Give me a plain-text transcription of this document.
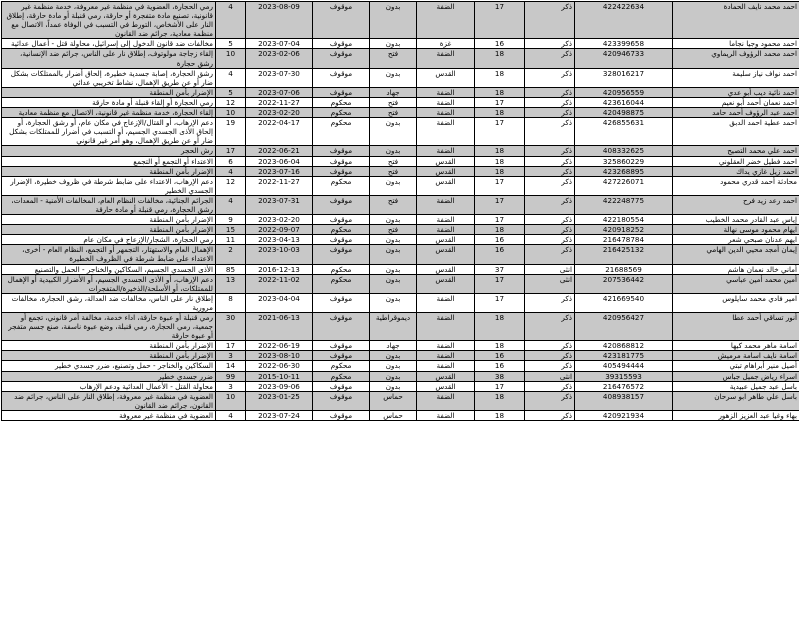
احمد محمد نايف الحمادة	422422634	ذكر	17	الضفة	بدون	موقوف	2023-08-09	4	رمي الحجارة، العضوية في منظمة غير معروفة، خدمة منظمة غير قانونية، تصنيع مادة متفجرة أو حارقة، رمي قنبلة أو مادة حارقة، إطلاق النار على الأشخاص، التورط في التسبب في الوفاة عمداً، الاتصال مع منظمة معادية، جرائم ضد القانون
احمد محمود وجيا نجاما	423399658	ذكر	16	غزة	بدون	موقوف	2023-07-04	5	مخالفات ضد قانون الدخول إلى إسرائيل، محاولة قتل - أعمال عدائية
احمد محمد الرؤوف الريماوي	420946733	ذكر	18	الضفة	فتح	موقوف	2023-02-06	10	إلقاء زجاجة مولوتوف، إطلاق نار على الناس، جرائم ضد الإنسانية، رشق حجارة
احمد نواف نياز سليمة	328016217	ذكر	18	القدس	بدون	موقوف	2023-07-30	4	رشق الحجارة، إصابة جسدية خطيرة، إلحاق أضرار بالممتلكات بشكل ضار أو عن طريق الإهمال، نشاط تخريبي عدائي
احمد نائية ديب أبو عدي	420956559	ذكر	18	الضفة	جهاد	موقوف	2023-07-06	5	الإضرار بأمن المنطقة
احمد نعمان أحمد أبو نعيم	423616044	ذكر	17	الضفة	فتح	محكوم	2022-11-27	12	رمي الحجارة أو إلقاء قنبلة أو مادة حارقة
احمد عبد الرؤوف أحمد حامد	420498875	ذكر	18	الضفة	فتح	محكوم	2023-02-20	10	إلقاء الحجارة، خدمة منظمة غير قانونية، الاتصال مع منظمة معادية
احمد عطية احمد الدبق	426855631	ذكر	17	الضفة	بدون	محكوم	2022-04-17	19	دعم الإرهاب، أو القتال/الإزعاج في مكان عام، أو رشق الحجارة، أو إلحاق الأذى الجسدي الجسيم، أو التسبب في أضرار للممتلكات بشكل ضار أو عن طريق الإهمال، وهو أمر غير قانوني
احمد علي محمد التصيح	408332625	ذكر	18	الضفة	بدون	موقوف	2022-06-21	17	رش الحجر
احمد فطيل خضر العقلوني	325860229	ذكر	18	القدس	فتح	موقوف	2023-06-04	6	الاعتداء أو التجمع أو التجمع
احمد زيل غازي يداك	423268895	ذكر	18	القدس	فتح	موقوف	2023-07-16	4	الإضرار بأمن المنطقة
محادثة أحمد قدري محمود	427226071	ذكر	17	القدس	بدون	محكوم	2022-11-27	12	دعم الإرهاب، الاعتداء على ضابط شرطة في ظروف خطيرة، الإضرار الجسدي الخطير
احمد رعد زيد فرح	422248775	ذكر	17	الضفة	فتح	موقوف	2023-07-31	4	الجرائم الجنائية، مخالفات النظام العام، المخالفات الأمنية - المعدات، رشق الحجارة، رمي قنبلة أو مادة حارقة
إياس عبد القادر محمد الخطيب	422180554	ذكر	17	الضفة	بدون	موقوف	2023-02-20	9	الإضرار بأمن المنطقة
ايهام محمود موسى نهالة	420918252	ذكر	18	الضفة	فتح	محكوم	2022-09-07	15	الإضرار بأمن المنطقة
ايهم عدنان صبحي شعر	216478784	ذكر	16	القدس	بدون	موقوف	2023-04-13	11	رمي الحجارة، الشجار/الإزعاج في مكان عام
إيمان أمجد محيي الدين الهامي	216425132	ذكر	16	القدس	بدون	موقوف	2023-10-03	2	الإهمال العام والاستهتار، التجمهر أو التجمع، النظام العام - أخرى، الاعتداء على ضابط شرطة في الظروف الخطيرة
أماني خالد نعمان هاشم	21688569	انثى	37	القدس	بدون	محكوم	2016-12-13	85	الأذى الجسدي الجسيم، السكاكين والخناجر - الحمل والتصنيع
أمين محمد أمين عباسي	207536442	انثى	17	القدس	بدون	محكوم	2022-11-02	13	دعم الإرهاب، أو الأذى الجسدي الجسيم، أو الأضرار الكبيدية أو الإهمال للممتلكات، أو الأسلحة/الذخيرة/المتفجرات
امير فادي محمد سايلوس	421669540	ذكر	17	الضفة	بدون	موقوف	2023-04-04	8	إطلاق نار على الناس، مخالفات ضد العدالة، رشق الحجارة، مخالفات مرورية
أنور تساقي أحمد عطا	420956427	ذكر	18	الضفة	ديموقراطية	موقوف	2021-06-13	30	رمي قنبلة أو عبوة حارقة، اداء خدمة، مخالفة أمر قانوني، تجمع أو جمعية، رمي الحجارة، رمي قنبلة، وضع عبوة ناسفة، صنع جسم متفجر أو عبوة حارقة
اسامة ماهر محمد كيها	420868812	ذكر	18	الضفة	جهاد	موقوف	2022-06-19	17	الإضرار بأمن المنطقة
اسامة نايف اسامة مرميش	423181775	ذكر	16	الضفة	بدون	موقوف	2023-08-10	3	الإضرار بأمن المنطقة
أصيل منير أبراهام تبتي	405494444	ذكر	16	الضفة	بدون	محكوم	2022-06-30	14	السكاكين والخناجر - حمل وتصنيع، ضرر جسدي خطير
اسراء رياض جميل جباس	39315593	انثى	38	القدس	بدون	محكوم	2015-10-11	99	ضرر جسدي خطير
باسل عبد جميل عبيدية	216476572	ذكر	17	القدس	بدون	موقوف	2023-09-06	3	محاولة القتل - الأعمال العدائية ودعم الإرهاب
باسل علي طاهر ابو سرحان	408938157	ذكر	18	الضفة	حماس	موقوف	2023-01-25	10	العضوية في منظمة غير معروفة، إطلاق النار على الناس، جرائم ضد القانون، جرائم ضد القانون
بهاء وغيا عبد العزيز الزهور	420921934	ذكر	18	الضفة	حماس	موقوف	2023-07-24	4	العضوية في منظمة غير معروفة
